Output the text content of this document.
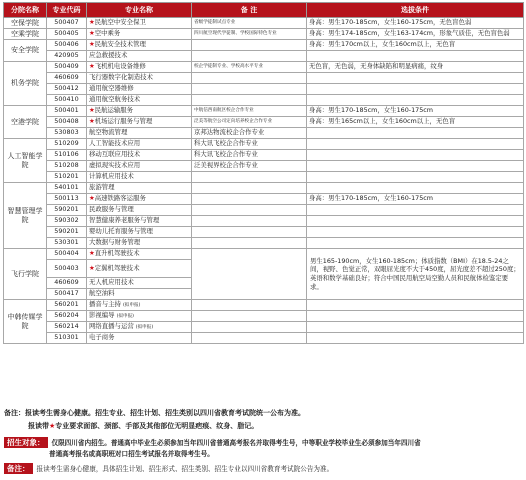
分院名称	专业代码	专业名称	备 注	选拔条件
空保学院	500407	★民航空中安全保卫	省级学徒制试点专业	身高：男生170-185cm，女生160-175cm，无色盲色弱
空乘学院	500405	★空中乘务	四川航空现代学徒制、学校国际特色专业	身高：男生174-185cm，女生163-174cm，形象气质佳，无色盲色弱
安全学院	500406	★民航安全技术管理		身高：男生170cm以上，女生160cm以上，无色盲
	420905	应急救援技术		
机务学院	500409	★飞机机电设备维修	校企学徒制专业、学校高水平专业	无色盲，无色弱，无身体缺陷和明显病痛，纹身
	460609	飞行器数字化制造技术		
	500412	通用航空器维修		
	500410	通用航空航务技术		
空港学院	500401	★民航运输服务	中航信西南航区校企合作专业	身高：男生170-185cm，女生160-175cm
	500408	★机场运行服务与管理	泛美等航空公司定向培养校企合作专业	身高：男生165cm以上，女生160cm以上，无色盲
	530803	航空物流管理	京邦达物流校企合作专业	
人工智能学院	510209	人工智能技术应用	科大讯飞校企合作专业	
	510106	移动互联应用技术	科大讯飞校企合作专业	
	510208	虚拟现实技术应用	泛美视界校企合作专业	
	510201	计算机应用技术		
智慧管理学院	540101	旅游管理		
	500113	★高速铁路客运服务		身高：男生170-185cm，女生160-175cm
	590201	民政服务与管理		
	590302	智慧健康养老服务与管理		
	590201	婴幼儿托育服务与管理		
	530301	大数据与财务管理		
飞行学院	500404	★直升机驾驶技术		男生165-190cm，女生160-185cm；体质指数（BMI）在18.5-24之间，视野、色觉正常，双眼屈光度不大于450度，屈光度差不超过250度；英语和数学基础良好；符合中国民用航空局空勤人员和民航体检鉴定要求。
	500403	★定翼机驾驶技术		
	460609	无人机应用技术		
	500417	航空油料		
中韩传媒学院	560201	播音与主持 (拟申报)		
	560204	影视编导 (拟申报)		
	560214	网络直播与运营 (拟申报)		
	510301	电子商务		
备注：报读考生需身心健康。招生专业、招生计划、招生类别以四川省教育考试院统一公布为准。
报读带★专业要求面部、颈部、手部及其他部位无明显疤痕、纹身、脂记。
招生对象： 仅限四川省内招生。普通高中毕业生必须参加当年四川省普通高考报名并取得考生号，中等职业学校毕业生必须参加当年四川省
普通高考报名或高职班对口招生考试报名并取得考生号。
备注： 报读考生需身心健康，具体招生计划、招生形式、招生类别、招生专业以四川省教育考试院公告为准。
